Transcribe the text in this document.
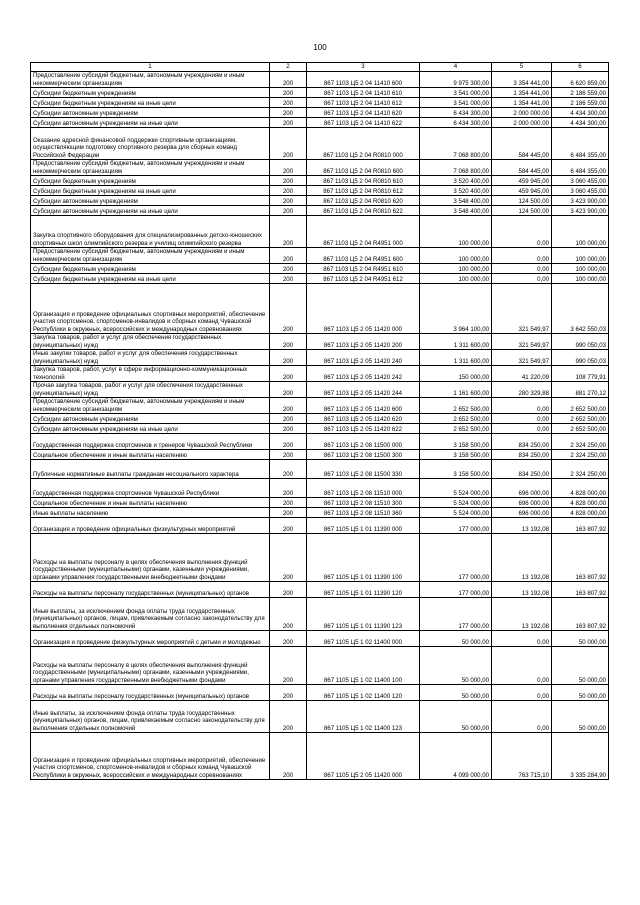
100
1	2	3	4	5	6
Предоставление субсидий бюджетным, автономным учреждениям и иным некоммерческим организациям	200	867 1103 Ц5 2 04 11410 600	9 975 300,00	3 354 441,00	6 620 859,00
Субсидии бюджетным учреждениям	200	867 1103 Ц5 2 04 11410 610	3 541 000,00	1 354 441,00	2 186 559,00
Субсидии бюджетным учреждениям на иные цели	200	867 1103 Ц5 2 04 11410 612	3 541 000,00	1 354 441,00	2 186 559,00
Субсидии автономным учреждениям	200	867 1103 Ц5 2 04 11410 620	6 434 300,00	2 000 000,00	4 434 300,00
Субсидии автономным учреждениям на иные цели	200	867 1103 Ц5 2 04 11410 622	6 434 300,00	2 000 000,00	4 434 300,00
Оказание адресной финансовой поддержки спортивным организациям, осуществляющим подготовку спортивного резерва для сборных команд Российской Федерации	200	867 1103 Ц5 2 04 R0810 000	7 068 800,00	584 445,00	6 484 355,00
Предоставление субсидий бюджетным, автономным учреждениям и иным некоммерческим организациям	200	867 1103 Ц5 2 04 R0810 600	7 068 800,00	584 445,00	6 484 355,00
Субсидии бюджетным учреждениям	200	867 1103 Ц5 2 04 R0810 610	3 520 400,00	459 945,00	3 060 455,00
Субсидии бюджетным учреждениям на иные цели	200	867 1103 Ц5 2 04 R0810 612	3 520 400,00	459 945,00	3 060 455,00
Субсидии автономным учреждениям	200	867 1103 Ц5 2 04 R0810 620	3 548 400,00	124 500,00	3 423 900,00
Субсидии автономным учреждениям на иные цели	200	867 1103 Ц5 2 04 R0810 622	3 548 400,00	124 500,00	3 423 900,00
Закупка спортивного оборудования для специализированных детско-юношеских спортивных школ олимпийского резерва и училищ олимпийского резерва	200	867 1103 Ц5 2 04 R4951 000	100 000,00	0,00	100 000,00
Предоставление субсидий бюджетным, автономным учреждениям и иным некоммерческим организациям	200	867 1103 Ц5 2 04 R4951 600	100 000,00	0,00	100 000,00
Субсидии бюджетным учреждениям	200	867 1103 Ц5 2 04 R4951 610	100 000,00	0,00	100 000,00
Субсидии бюджетным учреждениям на иные цели	200	867 1103 Ц5 2 04 R4951 612	100 000,00	0,00	100 000,00
Организация и проведение официальных спортивных мероприятий, обеспечение участия спортсменов, спортсменов-инвалидов и сборных команд Чувашской Республики в окружных, всероссийских и международных соревнованиях	200	867 1103 Ц5 2 05 11420 000	3 964 100,00	321 549,97	3 642 550,03
Закупка товаров, работ и услуг для обеспечения государственных (муниципальных) нужд	200	867 1103 Ц5 2 05 11420 200	1 311 600,00	321 549,97	990 050,03
Иные закупки товаров, работ и услуг для обеспечения государственных (муниципальных) нужд	200	867 1103 Ц5 2 05 11420 240	1 311 600,00	321 549,97	990 050,03
Закупка товаров, работ, услуг в сфере информационно-коммуникационных технологий	200	867 1103 Ц5 2 05 11420 242	150 000,00	41 220,09	108 779,91
Прочая закупка товаров, работ и услуг для обеспечения государственных (муниципальных) нужд	200	867 1103 Ц5 2 05 11420 244	1 161 600,00	280 329,88	881 270,12
Предоставление субсидий бюджетным, автономным учреждениям и иным некоммерческим организациям	200	867 1103 Ц5 2 05 11420 600	2 652 500,00	0,00	2 652 500,00
Субсидии автономным учреждениям	200	867 1103 Ц5 2 05 11420 620	2 652 500,00	0,00	2 652 500,00
Субсидии автономным учреждениям на иные цели	200	867 1103 Ц5 2 05 11420 622	2 652 500,00	0,00	2 652 500,00
Государственная поддержка спортсменов и тренеров Чувашской Республики	200	867 1103 Ц5 2 08 11500 000	3 158 500,00	834 250,00	2 324 250,00
Социальное обеспечение и иные выплаты населению	200	867 1103 Ц5 2 08 11500 300	3 158 500,00	834 250,00	2 324 250,00
Публичные нормативные выплаты гражданам несоциального характера	200	867 1103 Ц5 2 08 11500 330	3 158 500,00	834 250,00	2 324 250,00
Государственная поддержка спортсменов Чувашской Республики	200	867 1103 Ц5 2 08 11510 000	5 524 000,00	696 000,00	4 828 000,00
Социальное обеспечение и иные выплаты населению	200	867 1103 Ц5 2 08 11510 300	5 524 000,00	696 000,00	4 828 000,00
Иные выплаты населению	200	867 1103 Ц5 2 08 11510 360	5 524 000,00	696 000,00	4 828 000,00
Организация и проведение официальных физкультурных мероприятий	200	867 1105 Ц5 1 01 11390 000	177 000,00	13 192,08	163 807,92
Расходы на выплаты персоналу в целях обеспечения выполнения функций государственными (муниципальными) органами, казенными учреждениями, органами управления государственными внебюджетными фондами	200	867 1105 Ц5 1 01 11390 100	177 000,00	13 192,08	163 807,92
Расходы на выплаты персоналу государственных (муниципальных) органов	200	867 1105 Ц5 1 01 11390 120	177 000,00	13 192,08	163 807,92
Иные выплаты, за исключением фонда оплаты труда государственных (муниципальных) органов, лицам, привлекаемым согласно законодательству для выполнения отдельных полномочий	200	867 1105 Ц5 1 01 11390 123	177 000,00	13 192,08	163 807,92
Организация и проведение физкультурных мероприятий с детьми и молодежью	200	867 1105 Ц5 1 02 11400 000	50 000,00	0,00	50 000,00
Расходы на выплаты персоналу в целях обеспечения выполнения функций государственными (муниципальными) органами, казенными учреждениями, органами управления государственными внебюджетными фондами	200	867 1105 Ц5 1 02 11400 100	50 000,00	0,00	50 000,00
Расходы на выплаты персоналу государственных (муниципальных) органов	200	867 1105 Ц5 1 02 11400 120	50 000,00	0,00	50 000,00
Иные выплаты, за исключением фонда оплаты труда государственных (муниципальных) органов, лицам, привлекаемым согласно законодательству для выполнения отдельных полномочий	200	867 1105 Ц5 1 02 11400 123	50 000,00	0,00	50 000,00
Организация и проведение официальных спортивных мероприятий, обеспечение участия спортсменов, спортсменов-инвалидов и сборных команд Чувашской Республики в окружных, всероссийских и международных соревнованиях	200	867 1105 Ц5 2 05 11420 000	4 099 000,00	763 715,10	3 335 284,90
